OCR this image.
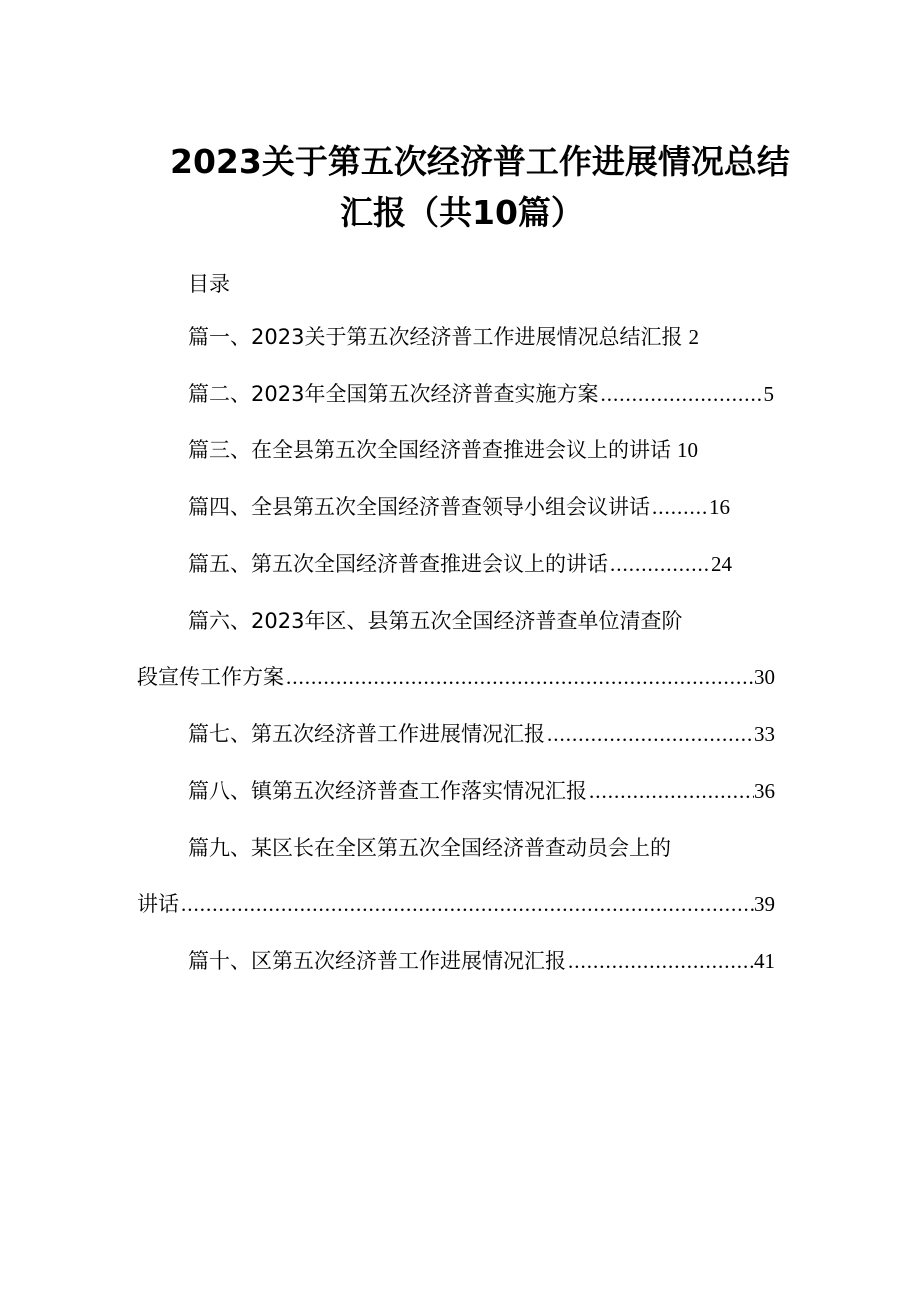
2023关于第五次经济普工作进展情况总结
汇报（共10篇）
目录
篇一、2023关于第五次经济普工作进展情况总结汇报 2
篇二、2023年全国第五次经济普查实施方案 .....	5
篇三、在全县第五次全国经济普查推进会议上的讲话 10
篇四、全县第五次全国经济普查领导小组会议讲话 .....	16
篇五、第五次全国经济普查推进会议上的讲话 .....	24
篇六、2023年区、县第五次全国经济普查单位清查阶
段宣传工作方案 .....	30
篇七、第五次经济普工作进展情况汇报 .....	33
篇八、镇第五次经济普查工作落实情况汇报 .....	36
篇九、某区长在全区第五次全国经济普查动员会上的
讲话 .....	39
篇十、区第五次经济普工作进展情况汇报 .....	41
